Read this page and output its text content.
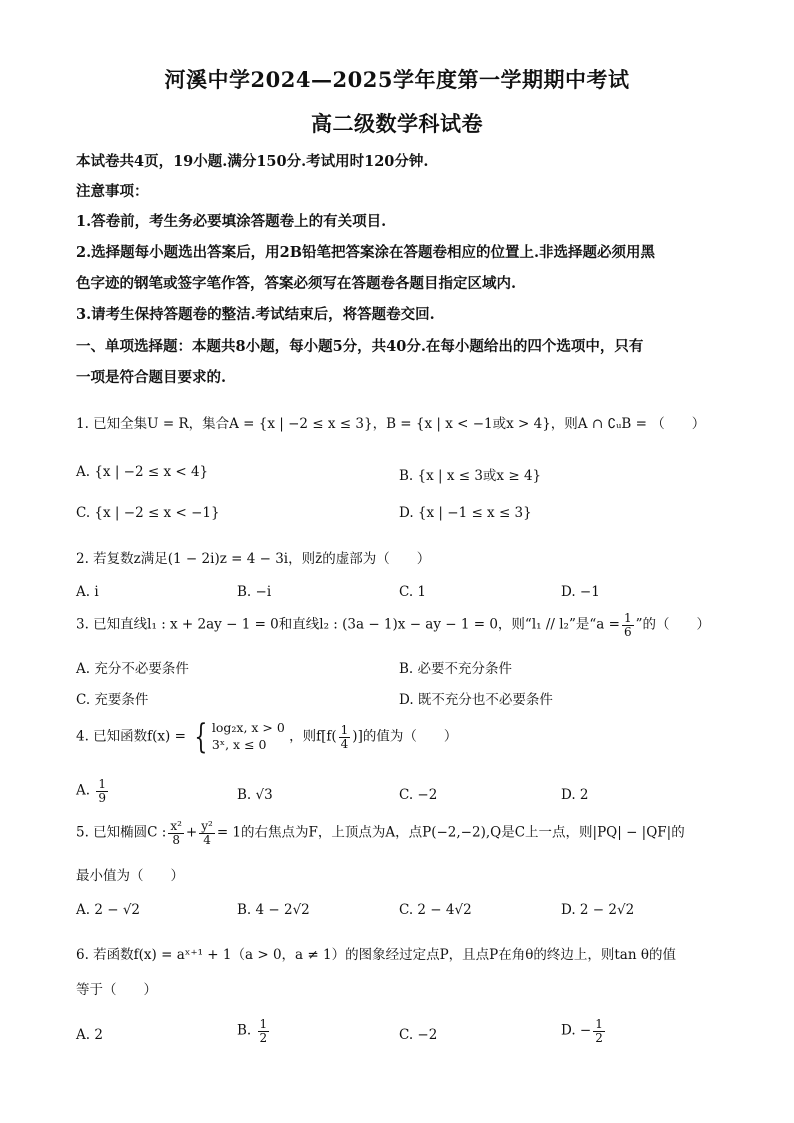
河溪中学2024—2025学年度第一学期期中考试
高二级数学科试卷
本试卷共4页，19小题.满分150分.考试用时120分钟.
注意事项：
1.答卷前，考生务必要填涂答题卷上的有关项目.
2.选择题每小题选出答案后，用2B铅笔把答案涂在答题卷相应的位置上.非选择题必须用黑
色字迹的钢笔或签字笔作答，答案必须写在答题卷各题目指定区域内.
3.请考生保持答题卷的整洁.考试结束后，将答题卷交回.
一、单项选择题：本题共8小题，每小题5分，共40分.在每小题给出的四个选项中，只有
一项是符合题目要求的.
1. 已知全集U = R，集合A = {x | −2 ≤ x ≤ 3}，B = {x | x < −1或x > 4}，则A ∩ ∁ᵤB = （　　）
A. {x | −2 ≤ x < 4}	B. {x | x ≤ 3或x ≥ 4}
C. {x | −2 ≤ x < −1}	D. {x | −1 ≤ x ≤ 3}
2. 若复数z满足(1 − 2i)z = 4 − 3i，则z̄的虚部为（　　）
A. i	B. −i	C. 1	D. −1
3. 已知直线l₁ : x + 2ay − 1 = 0和直线l₂ : (3a − 1)x − ay − 1 = 0，则“l₁ // l₂”是“$a = \frac{1}{6}$ ”的（　　）
A. 充分不必要条件	B. 必要不充分条件
C. 充要条件	D. 既不充分也不必要条件
4. 已知函数f(x) = { log₂x, x > 0
3ˣ, x ≤ 0	，则$f[f( \frac{1}{4}$ )]的值为（　　）
A. $\frac{1}{9}$	B. √3	C. −2	D. 2
5. 已知椭圆C : $\frac{\text{x²}}{8} + \frac{\text{y²}}{4} = 1$的右焦点为F，上顶点为A，点P(−2,−2),Q是C上一点，则|PQ| − |QF|的
最小值为（　　）
A. 2 − √2	B. 4 − 2√2	C. 2 − 4√2	D. 2 − 2√2
6. 若函数f(x) = aˣ⁺¹ + 1（a > 0，a ≠ 1）的图象经过定点P，且点P在角θ的终边上，则tan θ的值
等于（　　）
A. 2	B. $\frac{1}{2}$	C. −2	D. − $\frac{1}{2}$
